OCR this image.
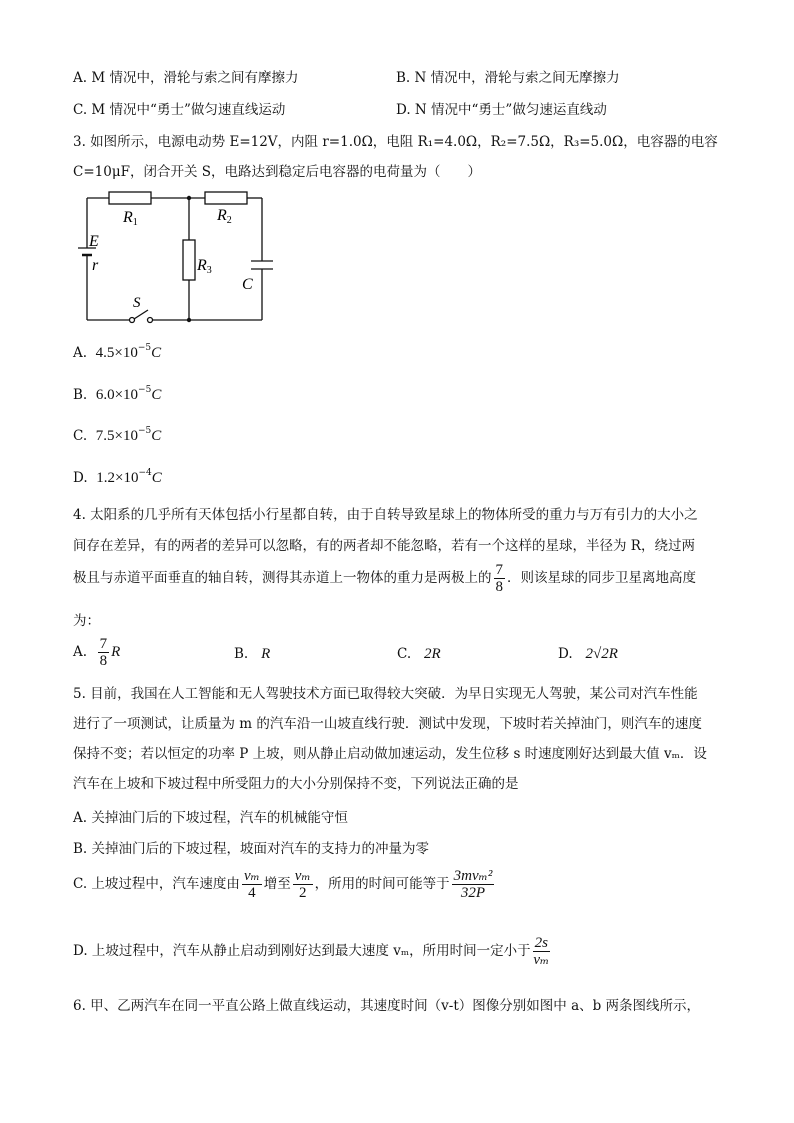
A. M 情况中，滑轮与索之间有摩擦力	B. N 情况中，滑轮与索之间无摩擦力
C. M 情况中“勇士”做匀速直线运动	D. N 情况中“勇士”做匀速运直线动
3. 如图所示，电源电动势 E=12V，内阻 r=1.0Ω，电阻 R₁=4.0Ω，R₂=7.5Ω，R₃=5.0Ω，电容器的电容
C=10μF，闭合开关 S，电路达到稳定后电容器的电荷量为（　　）
E
r
R1	R2
R3
C
S
A. $4.5\times 10^{-5}C$
B. $6.0\times 10^{-5}C$
C. $7.5\times 10^{-5}C$
D. $1.2\times 10^{-4}C$
4. 太阳系的几乎所有天体包括小行星都自转，由于自转导致星球上的物体所受的重力与万有引力的大小之
间存在差异，有的两者的差异可以忽略，有的两者却不能忽略，若有一个这样的星球，半径为 R，绕过两
极且与赤道平面垂直的轴自转，测得其赤道上一物体的重力是两极上的 $\frac{7}{8}$ ．则该星球的同步卫星离地高度
为：
A. $\frac{7}{8}$ R	B. R	C. 2R	D. 2√2R
5. 目前，我国在人工智能和无人驾驶技术方面已取得较大突破．为早日实现无人驾驶，某公司对汽车性能
进行了一项测试，让质量为 m 的汽车沿一山坡直线行驶．测试中发现，下坡时若关掉油门，则汽车的速度
保持不变；若以恒定的功率 P 上坡，则从静止启动做加速运动，发生位移 s 时速度刚好达到最大值 vₘ．设
汽车在上坡和下坡过程中所受阻力的大小分别保持不变，下列说法正确的是
A. 关掉油门后的下坡过程，汽车的机械能守恒
B. 关掉油门后的下坡过程，坡面对汽车的支持力的冲量为零
C. 上坡过程中，汽车速度由 $\frac{\text{vₘ}}{4}$ 增至 $\frac{\text{vₘ}}{2}$ ，所用的时间可能等于 $\frac{\text{3mvₘ²}}{32P}$
D. 上坡过程中，汽车从静止启动到刚好达到最大速度 vₘ，所用时间一定小于 $\frac{2s}{\text{vₘ}}$
6. 甲、乙两汽车在同一平直公路上做直线运动，其速度时间（v-t）图像分别如图中 a、b 两条图线所示，
